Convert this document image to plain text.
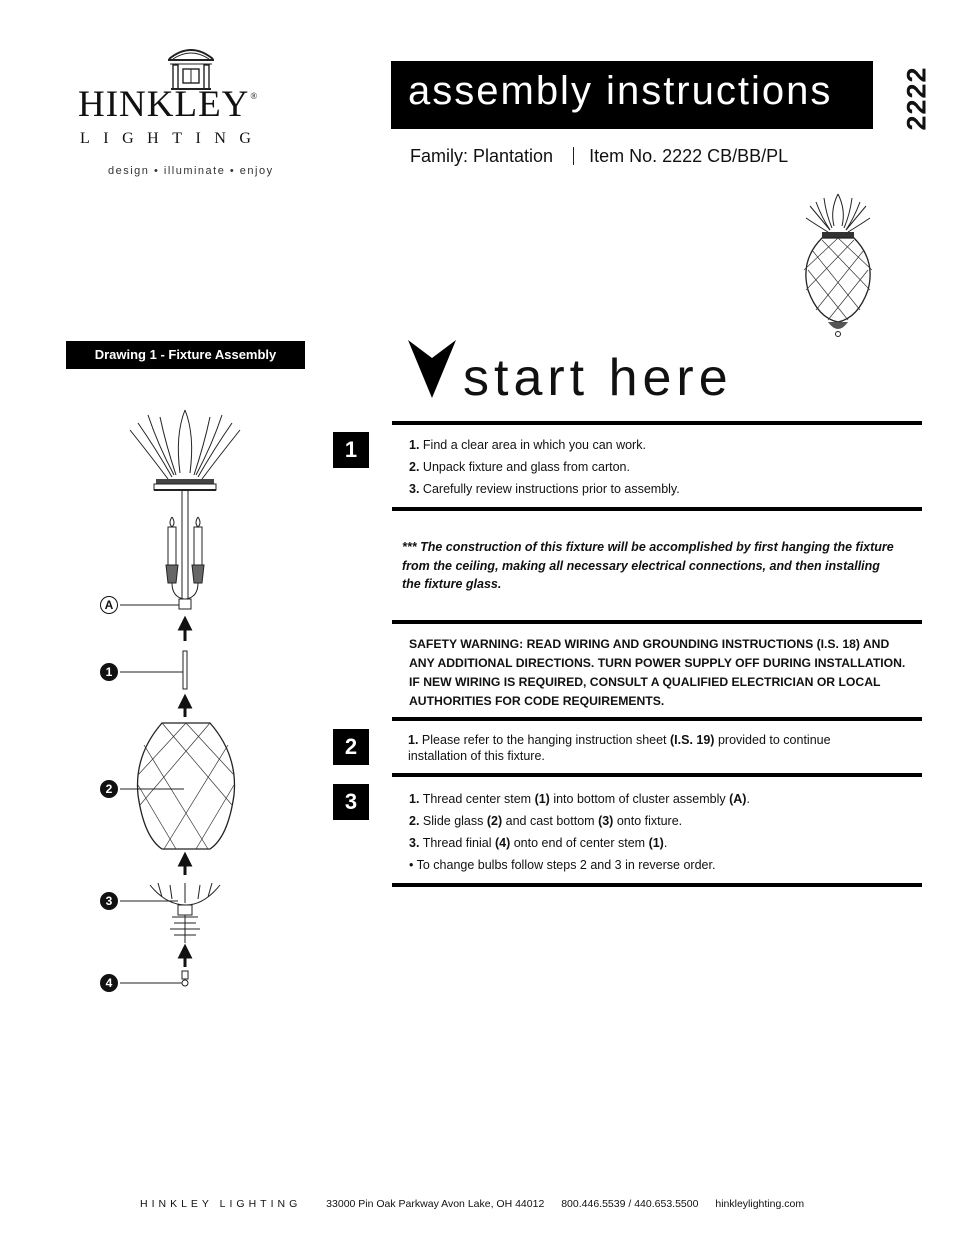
HINKLEY®
LIGHTING
design • illuminate • enjoy
assembly instructions	2222
Family: Plantation Item No. 2222 CB/BB/PL
Drawing 1 - Fixture Assembly
A
1
2
3
4
start here
1	1. Find a clear area in which you can work.
2. Unpack fixture and glass from carton.
3. Carefully review instructions prior to assembly.
*** The construction of this fixture will be accomplished by first hanging the fixture from the ceiling, making all necessary electrical connections, and then installing the fixture glass.
SAFETY WARNING: READ WIRING AND GROUNDING INSTRUCTIONS (I.S. 18) AND ANY ADDITIONAL DIRECTIONS. TURN POWER SUPPLY OFF DURING INSTALLATION. IF NEW WIRING IS REQUIRED, CONSULT A QUALIFIED ELECTRICIAN OR LOCAL AUTHORITIES FOR CODE REQUIREMENTS.
2	1. Please refer to the hanging instruction sheet (I.S. 19) provided to continue installation of this fixture.
3	1. Thread center stem (1) into bottom of cluster assembly (A).
2. Slide glass (2) and cast bottom (3) onto fixture.
3. Thread finial (4) onto end of center stem (1).
• To change bulbs follow steps 2 and 3 in reverse order.
HINKLEY LIGHTING 33000 Pin Oak Parkway Avon Lake, OH 44012 800.446.5539 / 440.653.5500 hinkleylighting.com
